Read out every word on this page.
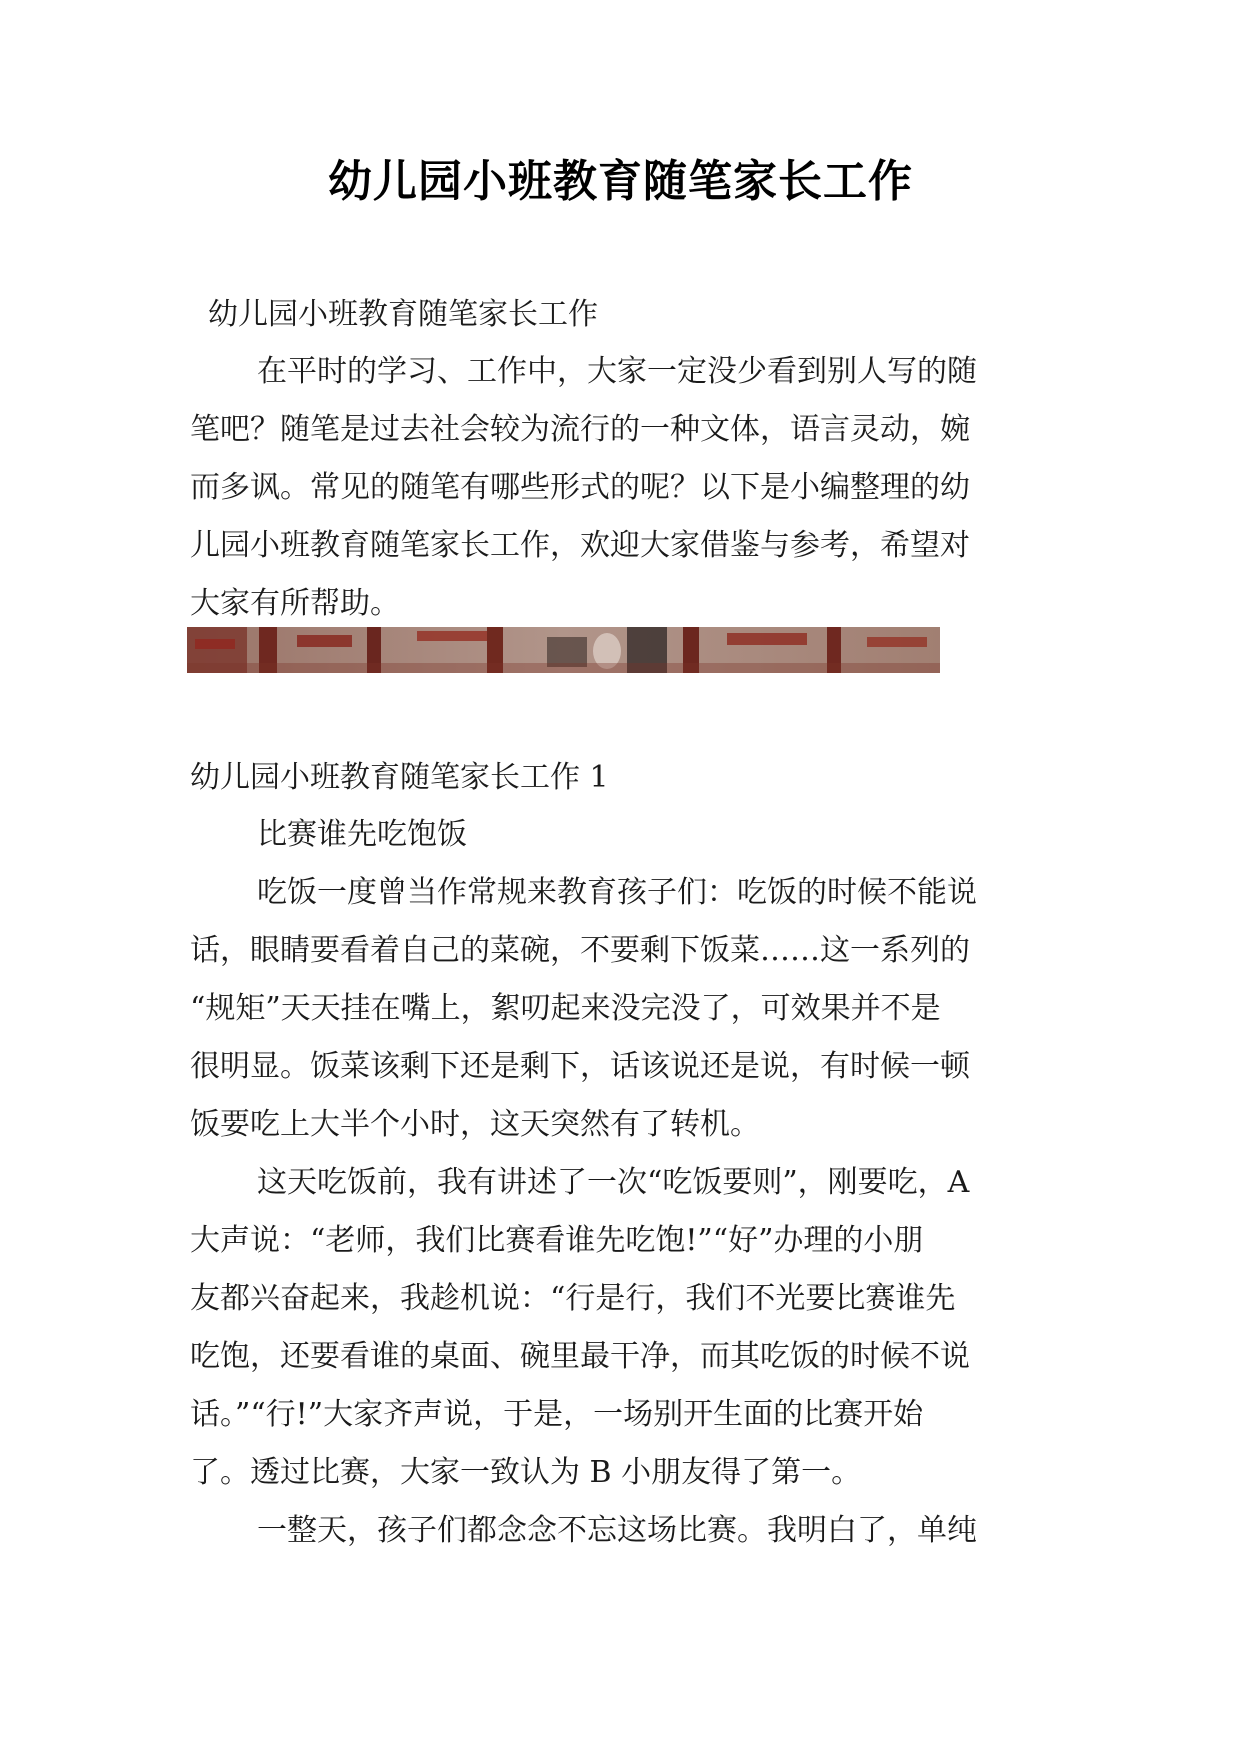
幼儿园小班教育随笔家长工作
幼儿园小班教育随笔家长工作
在平时的学习、工作中，大家一定没少看到别人写的随
笔吧？随笔是过去社会较为流行的一种文体，语言灵动，婉
而多讽。常见的随笔有哪些形式的呢？以下是小编整理的幼
儿园小班教育随笔家长工作，欢迎大家借鉴与参考，希望对
大家有所帮助。
幼儿园小班教育随笔家长工作 1
比赛谁先吃饱饭
吃饭一度曾当作常规来教育孩子们：吃饭的时候不能说
话，眼睛要看着自己的菜碗，不要剩下饭菜……这一系列的
“规矩”天天挂在嘴上，絮叨起来没完没了，可效果并不是
很明显。饭菜该剩下还是剩下，话该说还是说，有时候一顿
饭要吃上大半个小时，这天突然有了转机。
这天吃饭前，我有讲述了一次“吃饭要则”，刚要吃，A
大声说：“老师，我们比赛看谁先吃饱!”“好”办理的小朋
友都兴奋起来，我趁机说：“行是行，我们不光要比赛谁先
吃饱，还要看谁的桌面、碗里最干净，而其吃饭的时候不说
话。”“行!”大家齐声说，于是，一场别开生面的比赛开始
了。透过比赛，大家一致认为 B 小朋友得了第一。
一整天，孩子们都念念不忘这场比赛。我明白了，单纯
